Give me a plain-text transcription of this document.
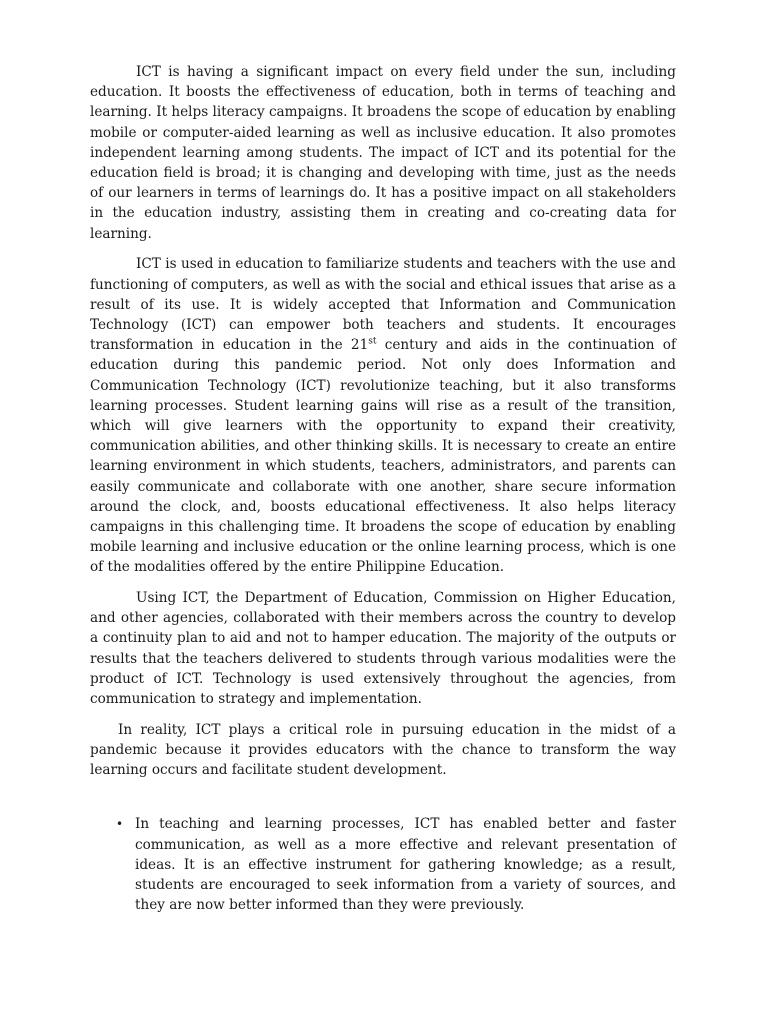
ICT is having a significant impact on every field under the sun, including education. It boosts the effectiveness of education, both in terms of teaching and learning. It helps literacy campaigns. It broadens the scope of education by enabling mobile or computer-aided learning as well as inclusive education. It also promotes independent learning among students. The impact of ICT and its potential for the education field is broad; it is changing and developing with time, just as the needs of our learners in terms of learnings do. It has a positive impact on all stakeholders in the education industry, assisting them in creating and co-creating data for learning.

ICT is used in education to familiarize students and teachers with the use and functioning of computers, as well as with the social and ethical issues that arise as a result of its use. It is widely accepted that Information and Communication Technology (ICT) can empower both teachers and students. It encourages transformation in education in the 21st century and aids in the continuation of education during this pandemic period. Not only does Information and Communication Technology (ICT) revolutionize teaching, but it also transforms learning processes. Student learning gains will rise as a result of the transition, which will give learners with the opportunity to expand their creativity, communication abilities, and other thinking skills. It is necessary to create an entire learning environment in which students, teachers, administrators, and parents can easily communicate and collaborate with one another, share secure information around the clock, and, boosts educational effectiveness. It also helps literacy campaigns in this challenging time. It broadens the scope of education by enabling mobile learning and inclusive education or the online learning process, which is one of the modalities offered by the entire Philippine Education.

Using ICT, the Department of Education, Commission on Higher Education, and other agencies, collaborated with their members across the country to develop a continuity plan to aid and not to hamper education. The majority of the outputs or results that the teachers delivered to students through various modalities were the product of ICT. Technology is used extensively throughout the agencies, from communication to strategy and implementation.

In reality, ICT plays a critical role in pursuing education in the midst of a pandemic because it provides educators with the chance to transform the way learning occurs and facilitate student development.

• In teaching and learning processes, ICT has enabled better and faster communication, as well as a more effective and relevant presentation of ideas. It is an effective instrument for gathering knowledge; as a result, students are encouraged to seek information from a variety of sources, and they are now better informed than they were previously.
